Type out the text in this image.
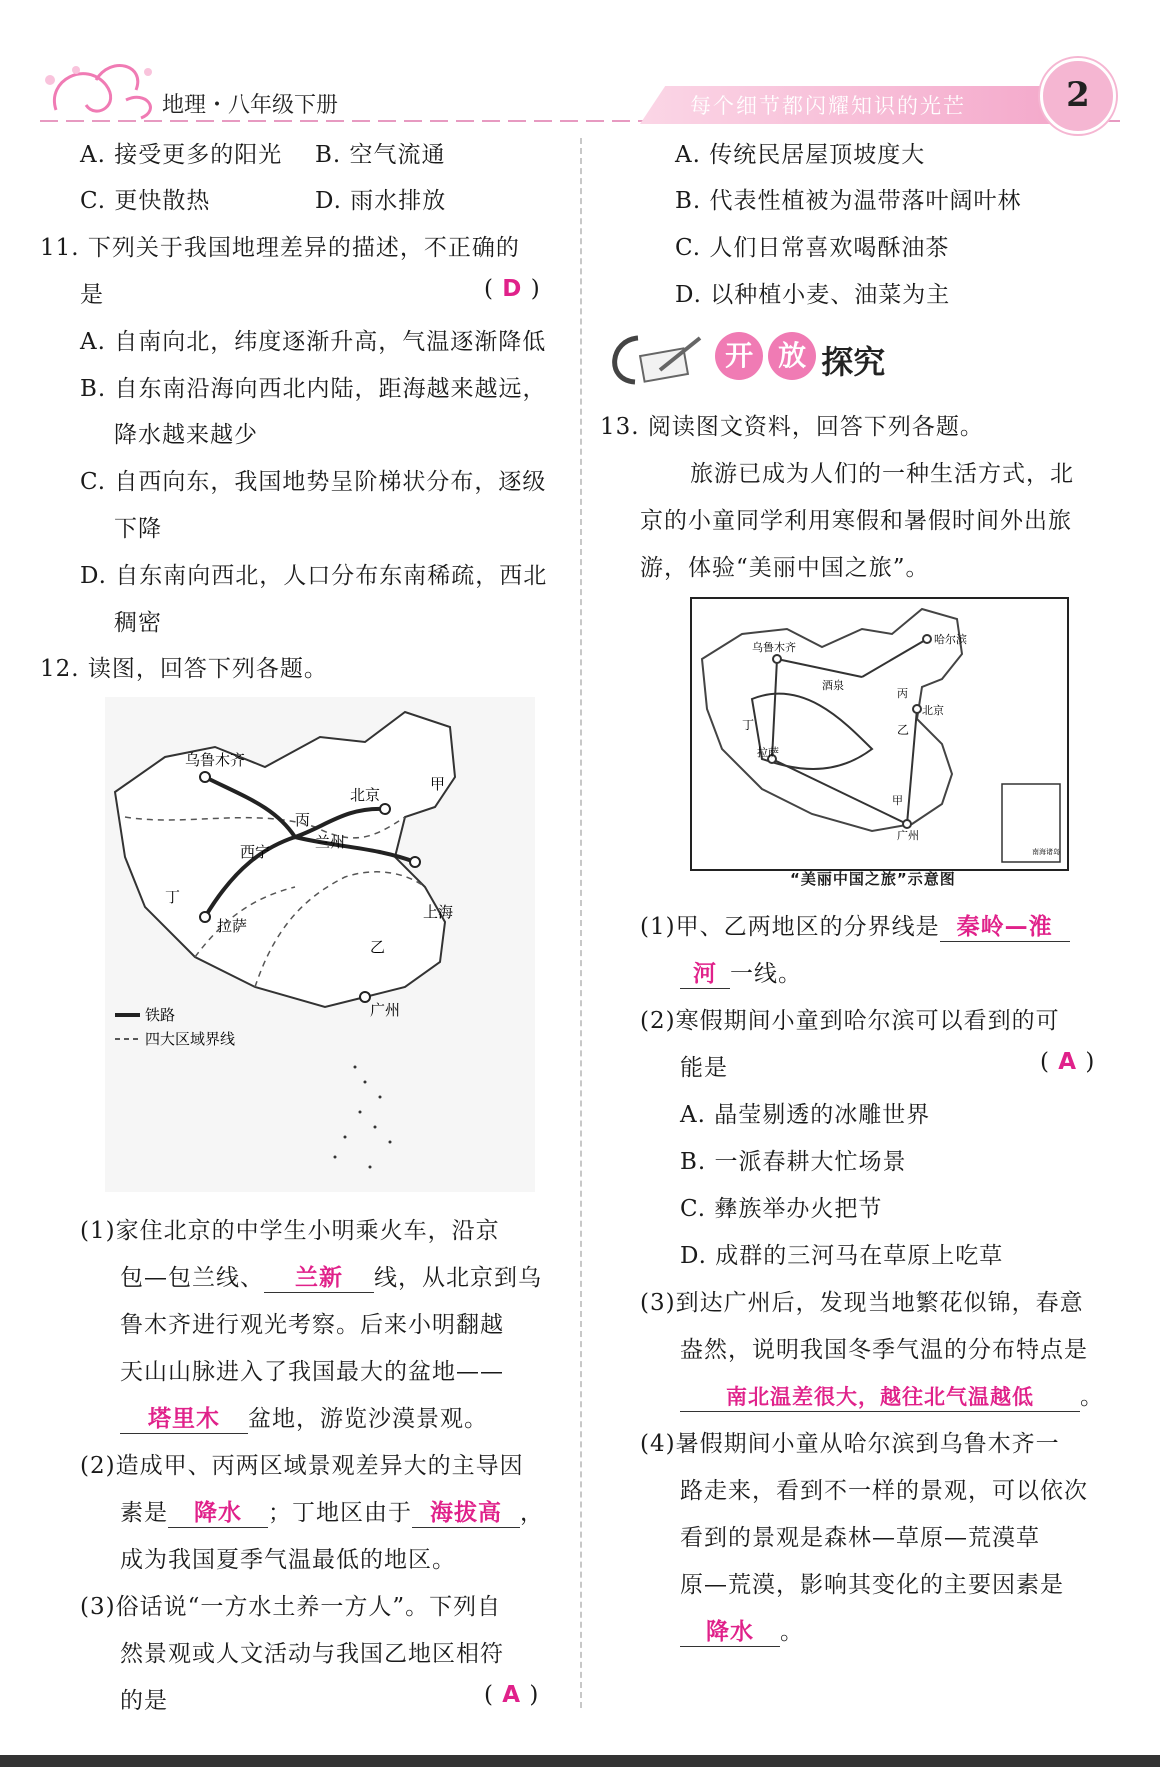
地理・八年级下册	每个细节都闪耀知识的光芒	2
A. 接受更多的阳光 B. 空气流通
C. 更快散热	D. 雨水排放
11. 下列关于我国地理差异的描述，不正确的
是	( D )
A. 自南向北，纬度逐渐升高，气温逐渐降低
B. 自东南沿海向西北内陆，距海越来越远，
降水越来越少
C. 自西向东，我国地势呈阶梯状分布，逐级
下降
D. 自东南向西北，人口分布东南稀疏，西北
稠密
12. 读图，回答下列各题。
乌鲁木齐
北京
甲
丙
西宁
兰州
丁
拉萨
上海
乙
广州
铁路
四大区域界线
(1)家住北京的中学生小明乘火车，沿京
包—包兰线、 兰新 线，从北京到乌
鲁木齐进行观光考察。后来小明翻越
天山山脉进入了我国最大的盆地——
塔里木 盆地，游览沙漠景观。
(2)造成甲、丙两区域景观差异大的主导因
素是 降水 ；丁地区由于 海拔高 ，
成为我国夏季气温最低的地区。
(3)俗话说“一方水土养一方人”。下列自
然景观或人文活动与我国乙地区相符
的是	( A )
A. 传统民居屋顶坡度大
B. 代表性植被为温带落叶阔叶林
C. 人们日常喜欢喝酥油茶
D. 以种植小麦、油菜为主
开 放 探究
13. 阅读图文资料，回答下列各题。
旅游已成为人们的一种生活方式，北
京的小童同学利用寒假和暑假时间外出旅
游，体验“美丽中国之旅”。
哈尔滨
乌鲁木齐
酒泉
丙
北京
丁
拉萨
乙
甲
广州
南海诸岛
“美丽中国之旅”示意图
(1)甲、乙两地区的分界线是 秦岭—淮
河 一线。
(2)寒假期间小童到哈尔滨可以看到的可
能是	( A )
A. 晶莹剔透的冰雕世界
B. 一派春耕大忙场景
C. 彝族举办火把节
D. 成群的三河马在草原上吃草
(3)到达广州后，发现当地繁花似锦，春意
盎然，说明我国冬季气温的分布特点是
南北温差很大，越往北气温越低 。
(4)暑假期间小童从哈尔滨到乌鲁木齐一
路走来，看到不一样的景观，可以依次
看到的景观是森林—草原—荒漠草
原—荒漠，影响其变化的主要因素是
降水 。
